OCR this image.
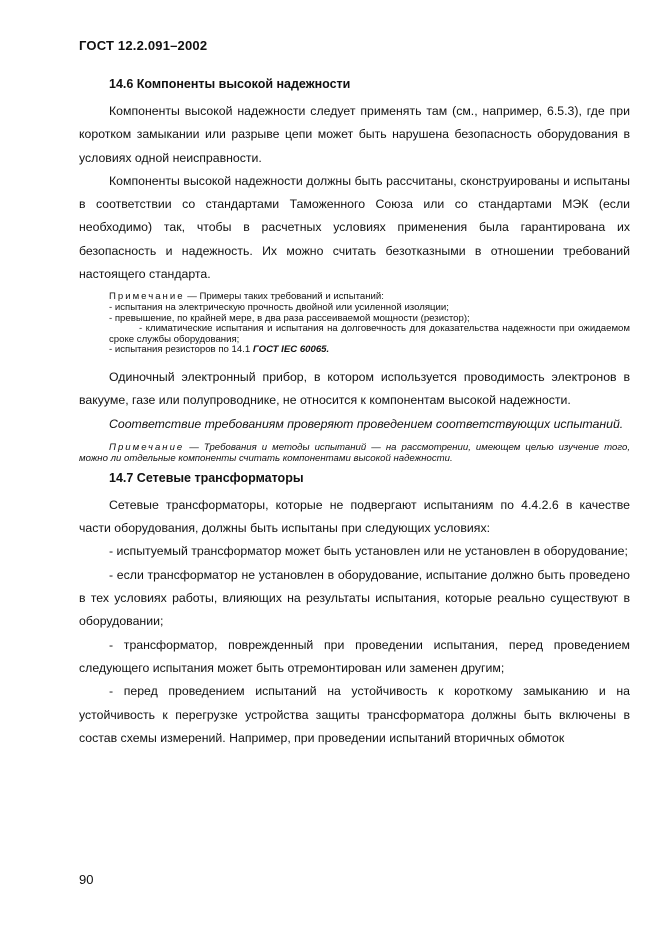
ГОСТ 12.2.091–2002
14.6 Компоненты высокой надежности

Компоненты высокой надежности следует применять там (см., например, 6.5.3), где при коротком замыкании или разрыве цепи может быть нарушена безопасность оборудования в условиях одной неисправности.

Компоненты высокой надежности должны быть рассчитаны, сконструированы и испытаны в соответствии со стандартами Таможенного Союза или со стандартами МЭК (если необходимо) так, чтобы в расчетных условиях применения была гарантирована их безопасность и надежность. Их можно считать безотказными в отношении требований настоящего стандарта.

Примечание — Примеры таких требований и испытаний:
- испытания на электрическую прочность двойной или усиленной изоляции;
- превышение, по крайней мере, в два раза рассеиваемой мощности (резистор);
- климатические испытания и испытания на долговечность для доказательства надежности при ожидаемом сроке службы оборудования;
- испытания резисторов по 14.1 ГОСТ IEC 60065.

Одиночный электронный прибор, в котором используется проводимость электронов в вакууме, газе или полупроводнике, не относится к компонентам высокой надежности.

Соответствие требованиям проверяют проведением соответствующих испытаний.

Примечание — Требования и методы испытаний — на рассмотрении, имеющем целью изучение того, можно ли отдельные компоненты считать компонентами высокой надежности.
14.7 Сетевые трансформаторы

Сетевые трансформаторы, которые не подвергают испытаниям по 4.4.2.6 в качестве части оборудования, должны быть испытаны при следующих условиях:

- испытуемый трансформатор может быть установлен или не установлен в оборудование;

- если трансформатор не установлен в оборудование, испытание должно быть проведено в тех условиях работы, влияющих на результаты испытания, которые реально существуют в оборудовании;

- трансформатор, поврежденный при проведении испытания, перед проведением следующего испытания может быть отремонтирован или заменен другим;

- перед проведением испытаний на устойчивость к короткому замыканию и на устойчивость к перегрузке устройства защиты трансформатора должны быть включены в состав схемы измерений. Например, при проведении испытаний вторичных обмоток

90
